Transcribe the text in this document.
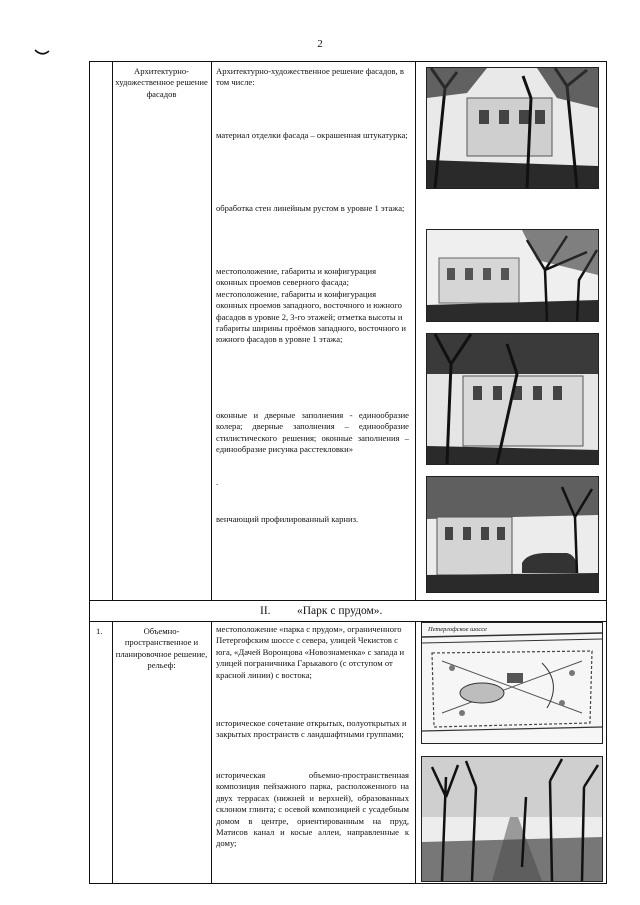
2
Архитектурно-художественное решение фасадов
Архитектурно-художественное решение фасадов, в том числе:
материал отделки фасада – окрашенная штукатурка;
обработка стен линейным рустом в уровне 1 этажа;
местоположение, габариты и конфигурация оконных проемов северного фасада; местоположение, габариты и конфигурация оконных проемов западного, восточного и южного фасадов в уровне 2, 3-го этажей; отметка высоты и габариты ширины проёмов западного, восточного и южного фасадов в уровне 1 этажа;
оконные и дверные заполнения - единообразие колера; дверные заполнения – единообразие стилистического решения; оконные заполнения – единообразие рисунка расстекловки»
.
венчающий профилированный карниз.
II. «Парк с прудом».
1.	Объемно-пространственное и планировочное решение, рельеф:
местоположение «парка с прудом», ограниченного Петергофским шоссе с севера, улицей Чекистов с юга, «Дачей Воронцова «Новознаменка» с запада и улицей пограничника Гарькавого (с отступом от красной линии) с востока;
историческое сочетание открытых, полуоткрытых и закрытых пространств с ландшафтными группами;
историческая объемно-пространственная композиция пейзажного парка, расположенного на двух террасах (нижней и верхней), образованных склоном глинта; с осевой композицией с усадебным домом в центре, ориентированным на пруд, Матисов канал и косые аллеи, направленные к дому;
Петергофское шоссе
